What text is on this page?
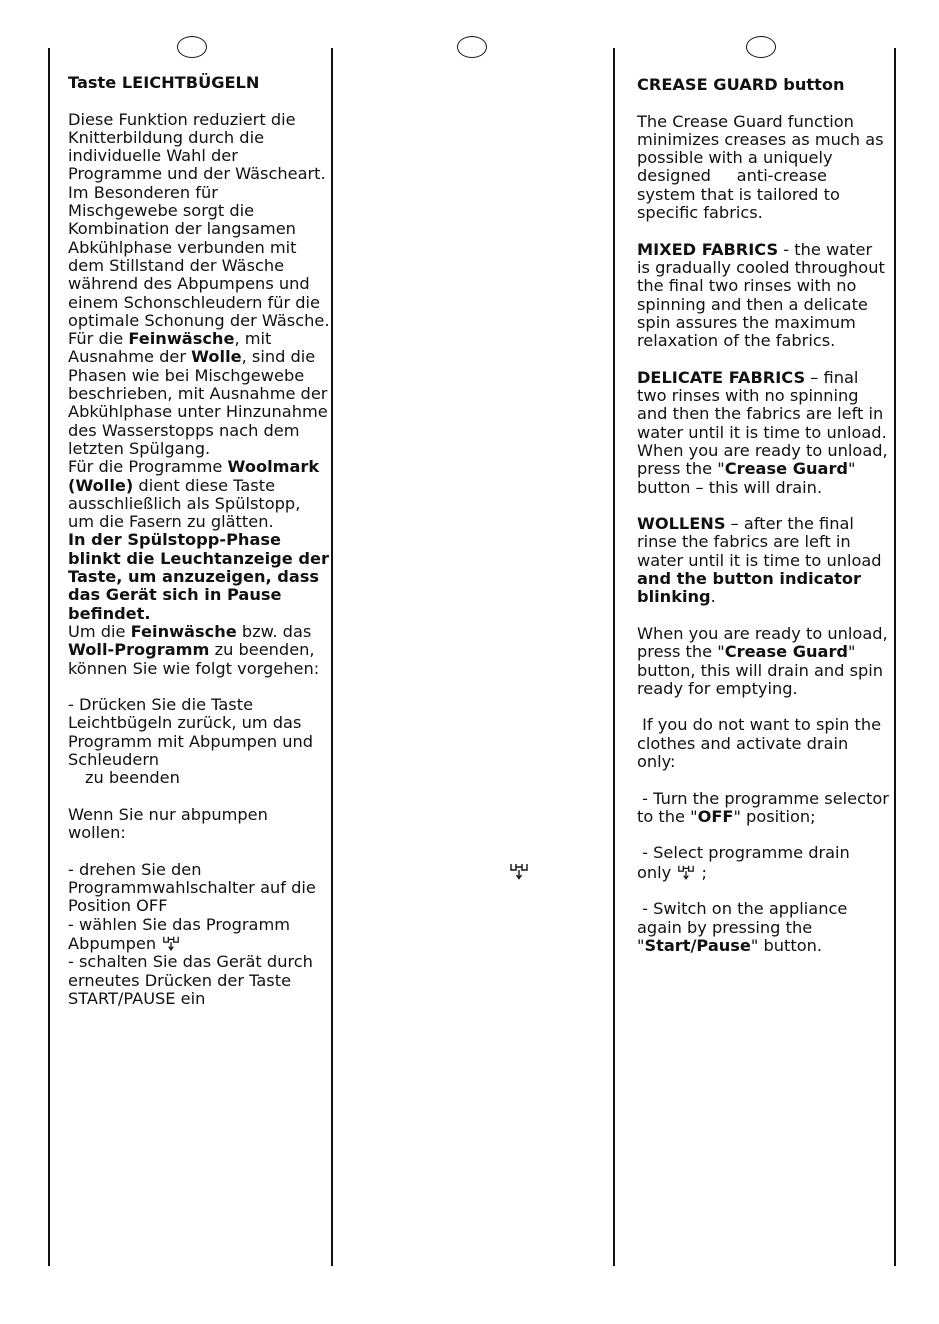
Taste LEICHTBÜGELN

Diese Funktion reduziert die Knitterbildung durch die individuelle Wahl der Programme und der Wäscheart.

Im Besonderen für Mischgewebe sorgt die Kombination der langsamen Abkühlphase verbunden mit dem Stillstand der Wäsche während des Abpumpens und einem Schonschleudern für die optimale Schonung der Wäsche.

Für die Feinwäsche, mit Ausnahme der Wolle, sind die Phasen wie bei Mischgewebe beschrieben, mit Ausnahme der Abkühlphase unter Hinzunahme des Wasserstopps nach dem letzten Spülgang.

Für die Programme Woolmark (Wolle) dient diese Taste ausschließlich als Spülstopp, um die Fasern zu glätten.

In der Spülstopp-Phase blinkt die Leuchtanzeige der Taste, um anzuzeigen, dass das Gerät sich in Pause befindet.

Um die Feinwäsche bzw. das Woll-Programm zu beenden, können Sie wie folgt vorgehen:

- Drücken Sie die Taste Leichtbügeln zurück, um das Programm mit Abpumpen und Schleudern

zu beenden

Wenn Sie nur abpumpen wollen:

- drehen Sie den Programmwahlschalter auf die Position OFF

- wählen Sie das Programm Abpumpen

- schalten Sie das Gerät durch erneutes Drücken der Taste START/PAUSE ein

CREASE GUARD button

The Crease Guard function minimizes creases as much as possible with a uniquely designed     anti-crease system that is tailored to specific fabrics.

MIXED FABRICS - the water is gradually cooled throughout the final two rinses with no spinning and then a delicate spin assures the maximum relaxation of the fabrics.

DELICATE FABRICS – final two rinses with no spinning and then the fabrics are left in water until it is time to unload. When you are ready to unload, press the "Crease Guard" button – this will drain.

WOLLENS – after the final rinse the fabrics are left in water until it is time to unload and the button indicator blinking.

When you are ready to unload, press the "Crease Guard" button, this will drain and spin ready for emptying.

If you do not want to spin the clothes and activate drain only:

- Turn the programme selector to the "OFF" position;

- Select programme drain only
;

- Switch on the appliance again by pressing the "Start/Pause" button.
